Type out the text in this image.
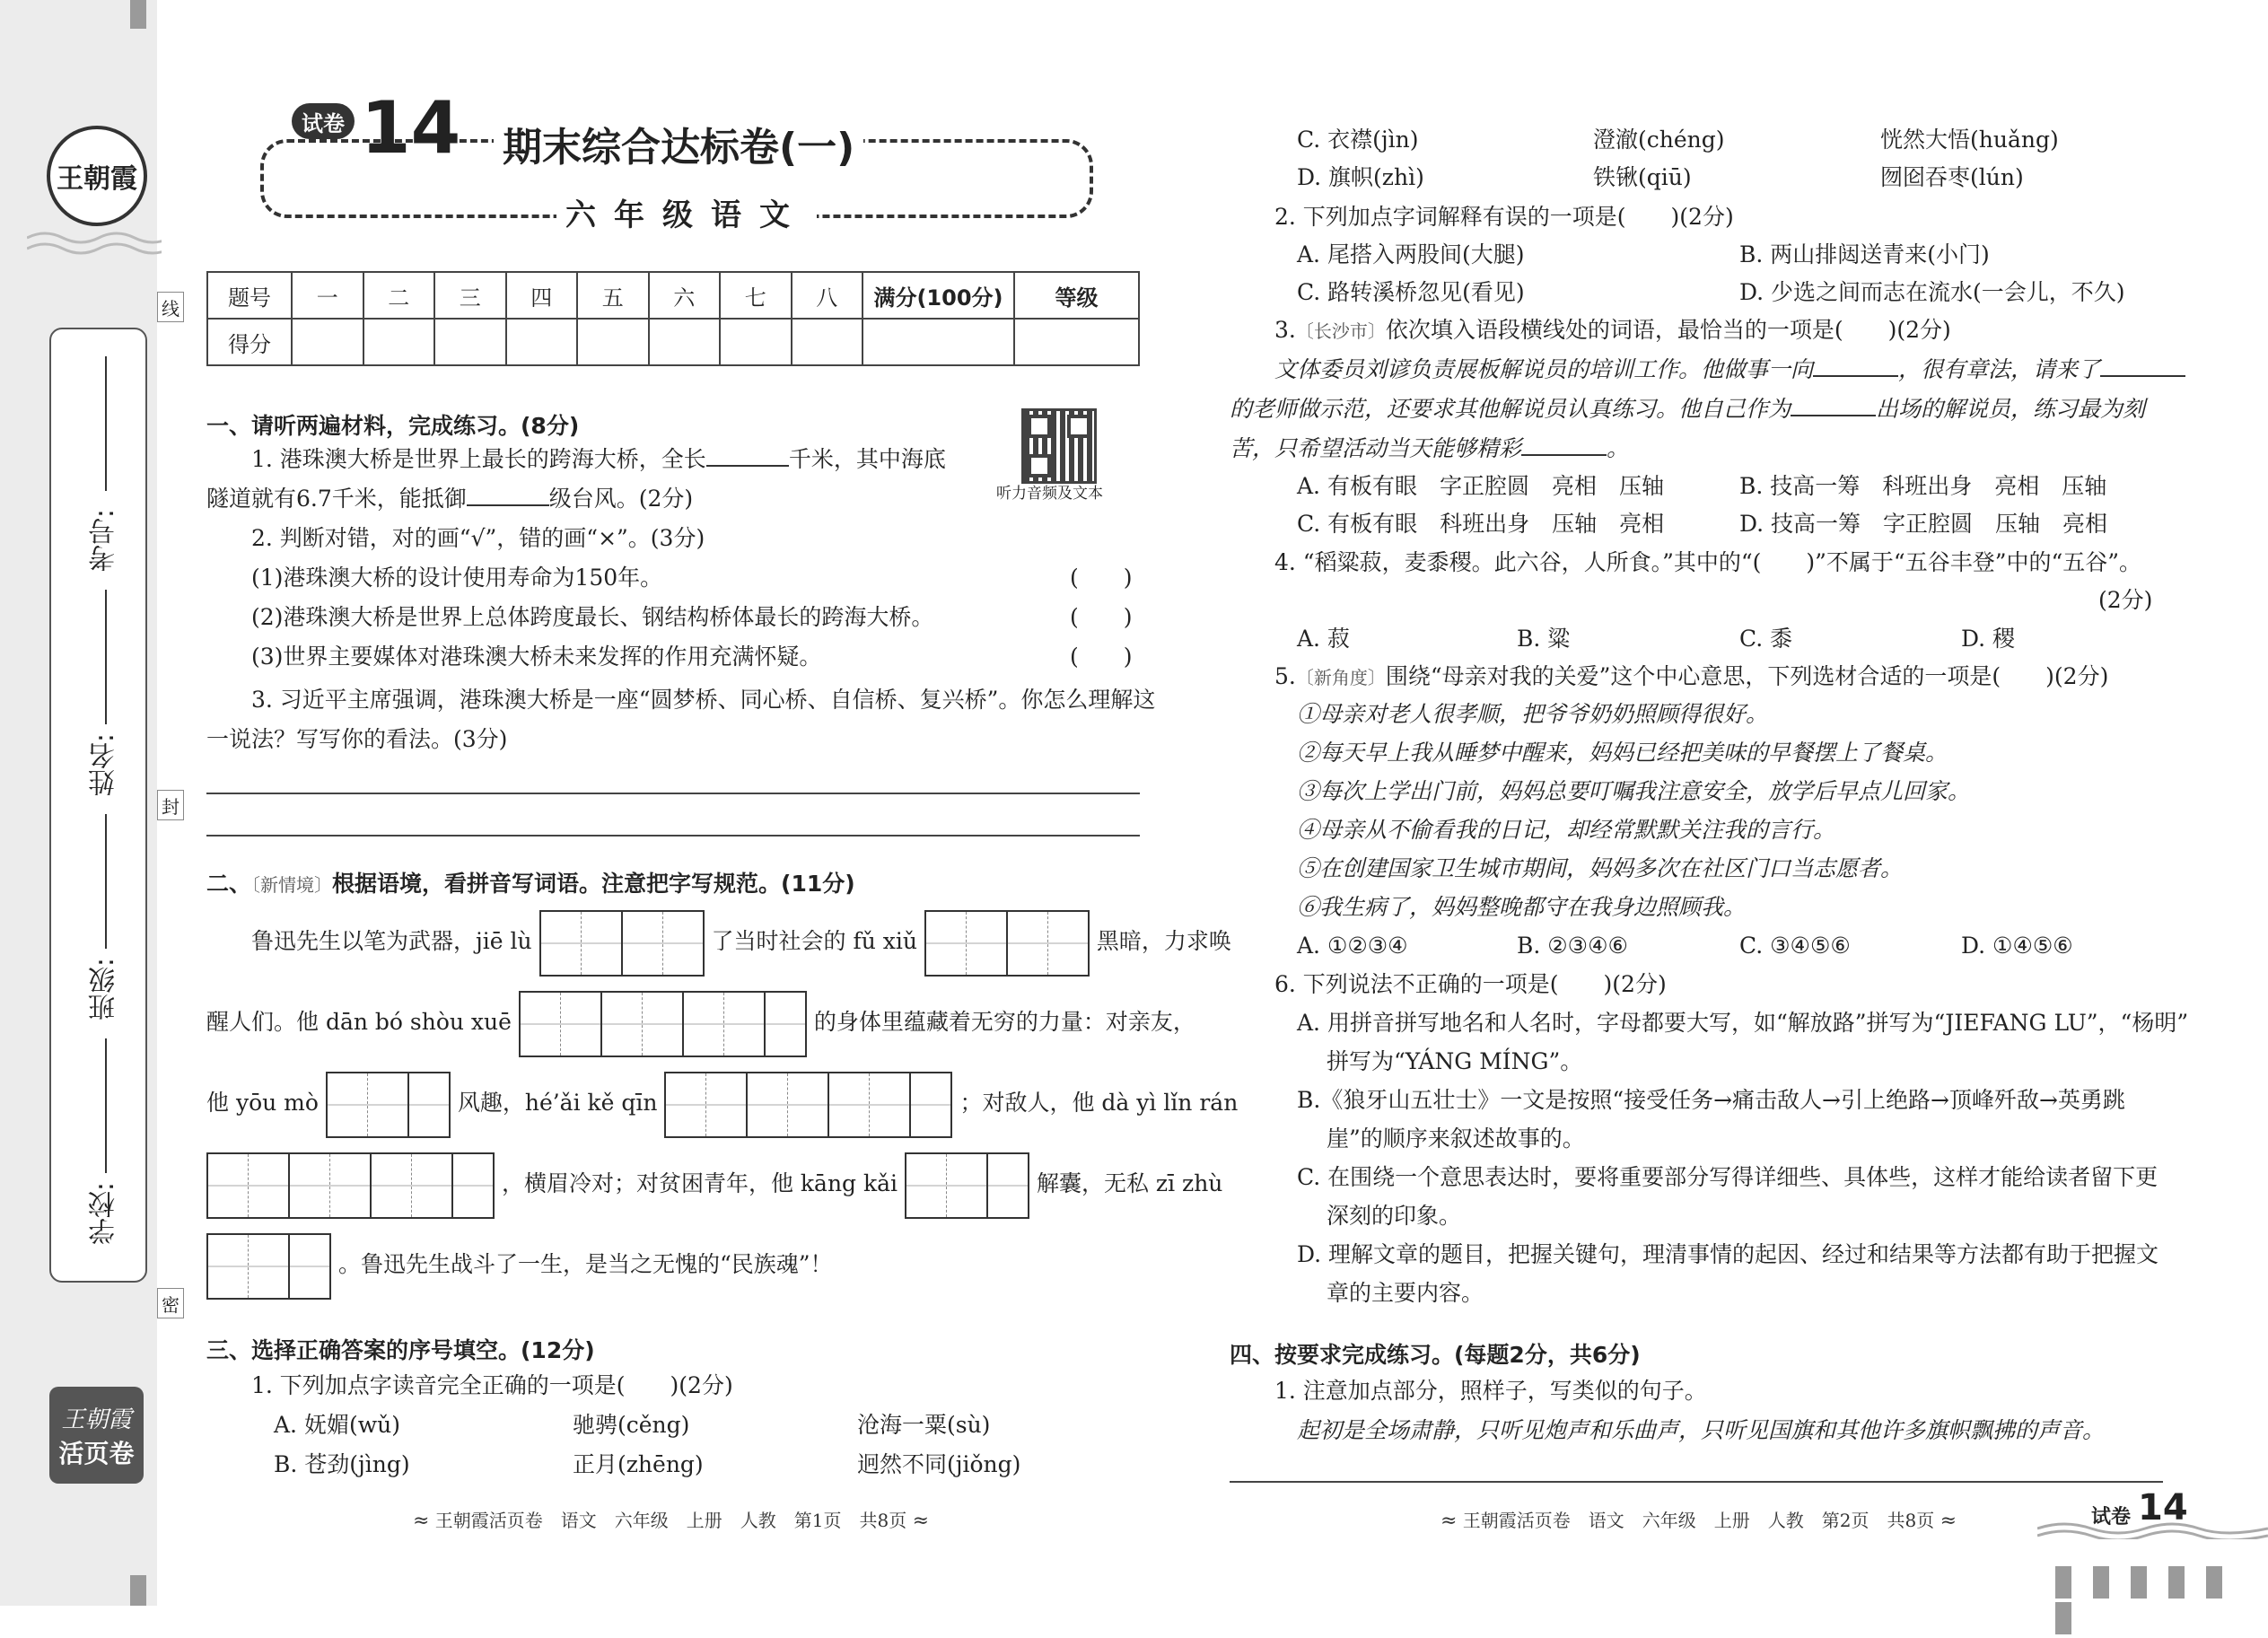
王朝霞
考号:
姓名:
班级:
学校:
线
封
密
王朝霞
活页卷
试卷 14 期末综合达标卷(一)
六年级语文
题号	一	二	三	四	五	六	七	八	满分(100分)	等级
得分										
听力音频及文本
一、请听两遍材料，完成练习。(8分)
1. 港珠澳大桥是世界上最长的跨海大桥，全长	千米，其中海底
隧道就有6.7千米，能抵御	级台风。(2分)
2. 判断对错，对的画“√”，错的画“×”。(3分)
(1)港珠澳大桥的设计使用寿命为150年。	(　　)
(2)港珠澳大桥是世界上总体跨度最长、钢结构桥体最长的跨海大桥。	(　　)
(3)世界主要媒体对港珠澳大桥未来发挥的作用充满怀疑。	(　　)
3. 习近平主席强调，港珠澳大桥是一座“圆梦桥、同心桥、自信桥、复兴桥”。你怎么理解这
一说法？写写你的看法。(3分)
二、〔新情境〕根据语境，看拼音写词语。注意把字写规范。(11分)
鲁迅先生以笔为武器，jiē lù	了当时社会的 fǔ xiǔ	黑暗，力求唤
醒人们。他 dān bó shòu xuē	的身体里蕴藏着无穷的力量：对亲友，
他 yōu mò	风趣，hé’ǎi kě qīn	；对敌人，他 dà yì lǐn rán
，横眉冷对；对贫困青年，他 kāng kǎi	解囊，无私 zī zhù
。鲁迅先生战斗了一生，是当之无愧的“民族魂”！
三、选择正确答案的序号填空。(12分)
1. 下列加点字读音完全正确的一项是(　　)(2分)
A. 妩媚(wǔ)	驰骋(cěng)	沧海一粟(sù)
B. 苍劲(jìng)	正月(zhēng)	迥然不同(jiǒng)
≈ 王朝霞活页卷　语文　六年级　上册　人教　第1页　共8页 ≈
C. 衣襟(jìn)	澄澈(chéng)	恍然大悟(huǎng)
D. 旗帜(zhì)	铁锹(qiū)	囫囵吞枣(lún)
2. 下列加点字词解释有误的一项是(　　)(2分)
A. 尾搭入两股间(大腿)	B. 两山排闼送青来(小门)
C. 路转溪桥忽见(看见)	D. 少选之间而志在流水(一会儿，不久)
3.〔长沙市〕依次填入语段横线处的词语，最恰当的一项是(　　)(2分)
文体委员刘谚负责展板解说员的培训工作。他做事一向	，很有章法，请来了
的老师做示范，还要求其他解说员认真练习。他自己作为	出场的解说员，练习最为刻
苦，只希望活动当天能够精彩	。
A. 有板有眼　字正腔圆　亮相　压轴	B. 技高一筹　科班出身　亮相　压轴
C. 有板有眼　科班出身　压轴　亮相	D. 技高一筹　字正腔圆　压轴　亮相
4. “稻粱菽，麦黍稷。此六谷，人所食。”其中的“(　　)”不属于“五谷丰登”中的“五谷”。
(2分)
A. 菽	B. 粱	C. 黍	D. 稷
5.〔新角度〕围绕“母亲对我的关爱”这个中心意思，下列选材合适的一项是(　　)(2分)
①母亲对老人很孝顺，把爷爷奶奶照顾得很好。
②每天早上我从睡梦中醒来，妈妈已经把美味的早餐摆上了餐桌。
③每次上学出门前，妈妈总要叮嘱我注意安全，放学后早点儿回家。
④母亲从不偷看我的日记，却经常默默关注我的言行。
⑤在创建国家卫生城市期间，妈妈多次在社区门口当志愿者。
⑥我生病了，妈妈整晚都守在我身边照顾我。
A. ①②③④	B. ②③④⑥	C. ③④⑤⑥	D. ①④⑤⑥
6. 下列说法不正确的一项是(　　)(2分)
A. 用拼音拼写地名和人名时，字母都要大写，如“解放路”拼写为“JIEFANG LU”，“杨明”
拼写为“YÁNG MÍNG”。
B.《狼牙山五壮士》一文是按照“接受任务→痛击敌人→引上绝路→顶峰歼敌→英勇跳
崖”的顺序来叙述故事的。
C. 在围绕一个意思表达时，要将重要部分写得详细些、具体些，这样才能给读者留下更
深刻的印象。
D. 理解文章的题目，把握关键句，理清事情的起因、经过和结果等方法都有助于把握文
章的主要内容。
四、按要求完成练习。(每题2分，共6分)
1. 注意加点部分，照样子，写类似的句子。
起初是全场肃静，只听见炮声和乐曲声，只听见国旗和其他许多旗帜飘拂的声音。
≈ 王朝霞活页卷　语文　六年级　上册　人教　第2页　共8页 ≈	试卷 14
